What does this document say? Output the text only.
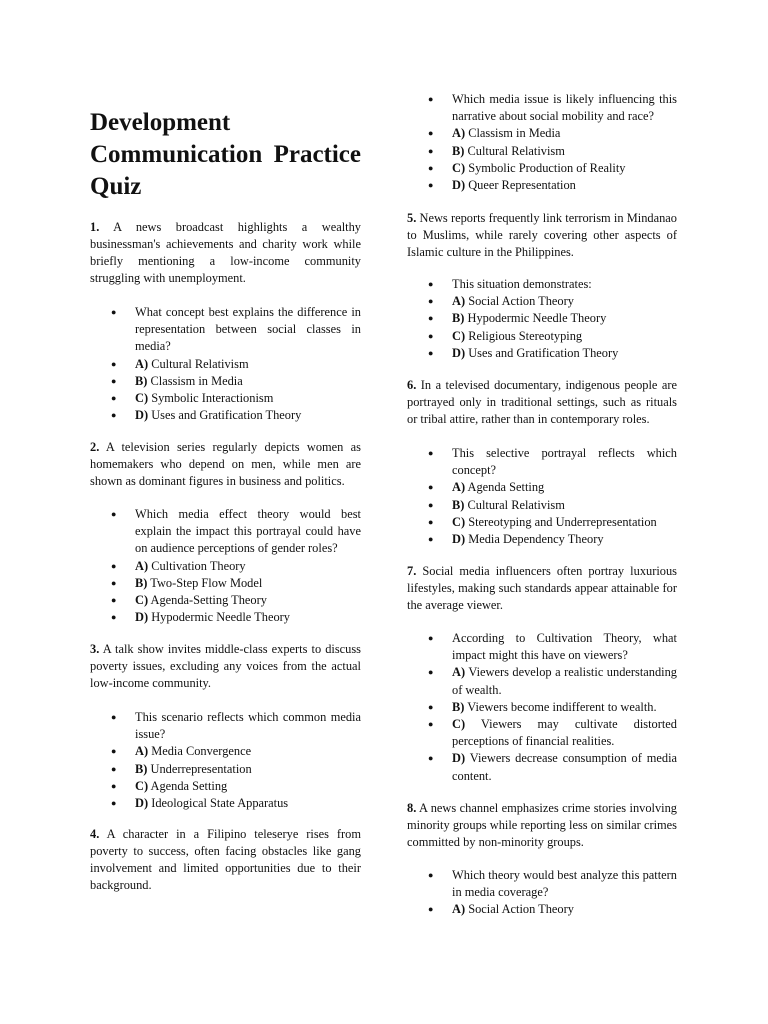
Development
Communication Practice
Quiz

1. A news broadcast highlights a wealthy businessman's achievements and charity work while briefly mentioning a low-income community struggling with unemployment.

● What concept best explains the difference in representation between social classes in media?
● A) Cultural Relativism
● B) Classism in Media
● C) Symbolic Interactionism
● D) Uses and Gratification Theory

2. A television series regularly depicts women as homemakers who depend on men, while men are shown as dominant figures in business and politics.

● Which media effect theory would best explain the impact this portrayal could have on audience perceptions of gender roles?
● A) Cultivation Theory
● B) Two-Step Flow Model
● C) Agenda-Setting Theory
● D) Hypodermic Needle Theory

3. A talk show invites middle-class experts to discuss poverty issues, excluding any voices from the actual low-income community.

● This scenario reflects which common media issue?
● A) Media Convergence
● B) Underrepresentation
● C) Agenda Setting
● D) Ideological State Apparatus

4. A character in a Filipino teleserye rises from poverty to success, often facing obstacles like gang involvement and limited opportunities due to their background.

● Which media issue is likely influencing this narrative about social mobility and race?
● A) Classism in Media
● B) Cultural Relativism
● C) Symbolic Production of Reality
● D) Queer Representation

5. News reports frequently link terrorism in Mindanao to Muslims, while rarely covering other aspects of Islamic culture in the Philippines.

● This situation demonstrates:
● A) Social Action Theory
● B) Hypodermic Needle Theory
● C) Religious Stereotyping
● D) Uses and Gratification Theory

6. In a televised documentary, indigenous people are portrayed only in traditional settings, such as rituals or tribal attire, rather than in contemporary roles.

● This selective portrayal reflects which concept?
● A) Agenda Setting
● B) Cultural Relativism
● C) Stereotyping and Underrepresentation
● D) Media Dependency Theory

7. Social media influencers often portray luxurious lifestyles, making such standards appear attainable for the average viewer.

● According to Cultivation Theory, what impact might this have on viewers?
● A) Viewers develop a realistic understanding of wealth.
● B) Viewers become indifferent to wealth.
● C) Viewers may cultivate distorted perceptions of financial realities.
● D) Viewers decrease consumption of media content.

8. A news channel emphasizes crime stories involving minority groups while reporting less on similar crimes committed by non-minority groups.

● Which theory would best analyze this pattern in media coverage?
● A) Social Action Theory
